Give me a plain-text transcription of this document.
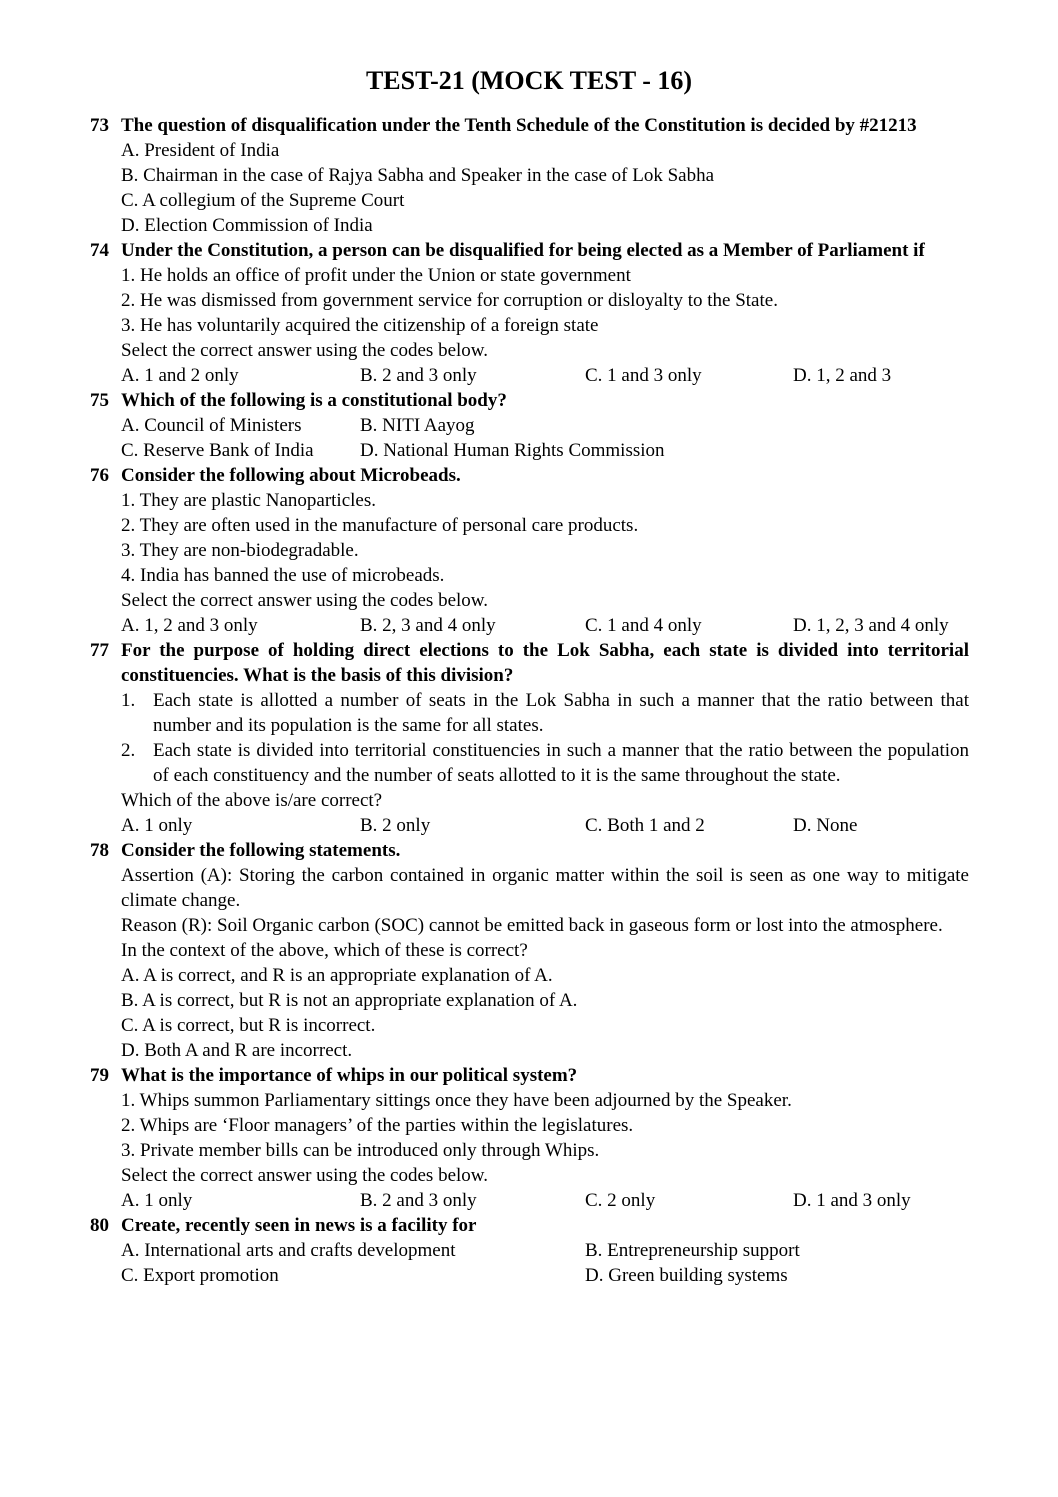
TEST-21 (MOCK TEST - 16)
73 The question of disqualification under the Tenth Schedule of the Constitution is decided by #21213
A. President of India
B. Chairman in the case of Rajya Sabha and Speaker in the case of Lok Sabha
C. A collegium of the Supreme Court
D. Election Commission of India
74 Under the Constitution, a person can be disqualified for being elected as a Member of Parliament if
1. He holds an office of profit under the Union or state government
2. He was dismissed from government service for corruption or disloyalty to the State.
3. He has voluntarily acquired the citizenship of a foreign state
Select the correct answer using the codes below.
A. 1 and 2 only	B. 2 and 3 only	C. 1 and 3 only	D. 1, 2 and 3
75 Which of the following is a constitutional body?
A. Council of Ministers	B. NITI Aayog
C. Reserve Bank of India	D. National Human Rights Commission
76 Consider the following about Microbeads.
1. They are plastic Nanoparticles.
2. They are often used in the manufacture of personal care products.
3. They are non-biodegradable.
4. India has banned the use of microbeads.
Select the correct answer using the codes below.
A. 1, 2 and 3 only	B. 2, 3 and 4 only	C. 1 and 4 only	D. 1, 2, 3 and 4 only
77 For the purpose of holding direct elections to the Lok Sabha, each state is divided into territorial constituencies. What is the basis of this division?
1. Each state is allotted a number of seats in the Lok Sabha in such a manner that the ratio between that number and its population is the same for all states.
2. Each state is divided into territorial constituencies in such a manner that the ratio between the population of each constituency and the number of seats allotted to it is the same throughout the state.
Which of the above is/are correct?
A. 1 only	B. 2 only	C. Both 1 and 2	D. None
78 Consider the following statements.
Assertion (A): Storing the carbon contained in organic matter within the soil is seen as one way to mitigate climate change.
Reason (R): Soil Organic carbon (SOC) cannot be emitted back in gaseous form or lost into the atmosphere.
In the context of the above, which of these is correct?
A. A is correct, and R is an appropriate explanation of A.
B. A is correct, but R is not an appropriate explanation of A.
C. A is correct, but R is incorrect.
D. Both A and R are incorrect.
79 What is the importance of whips in our political system?
1. Whips summon Parliamentary sittings once they have been adjourned by the Speaker.
2. Whips are ‘Floor managers’ of the parties within the legislatures.
3. Private member bills can be introduced only through Whips.
Select the correct answer using the codes below.
A. 1 only	B. 2 and 3 only	C. 2 only	D. 1 and 3 only
80 Create, recently seen in news is a facility for
A. International arts and crafts development	B. Entrepreneurship support
C. Export promotion	D. Green building systems
